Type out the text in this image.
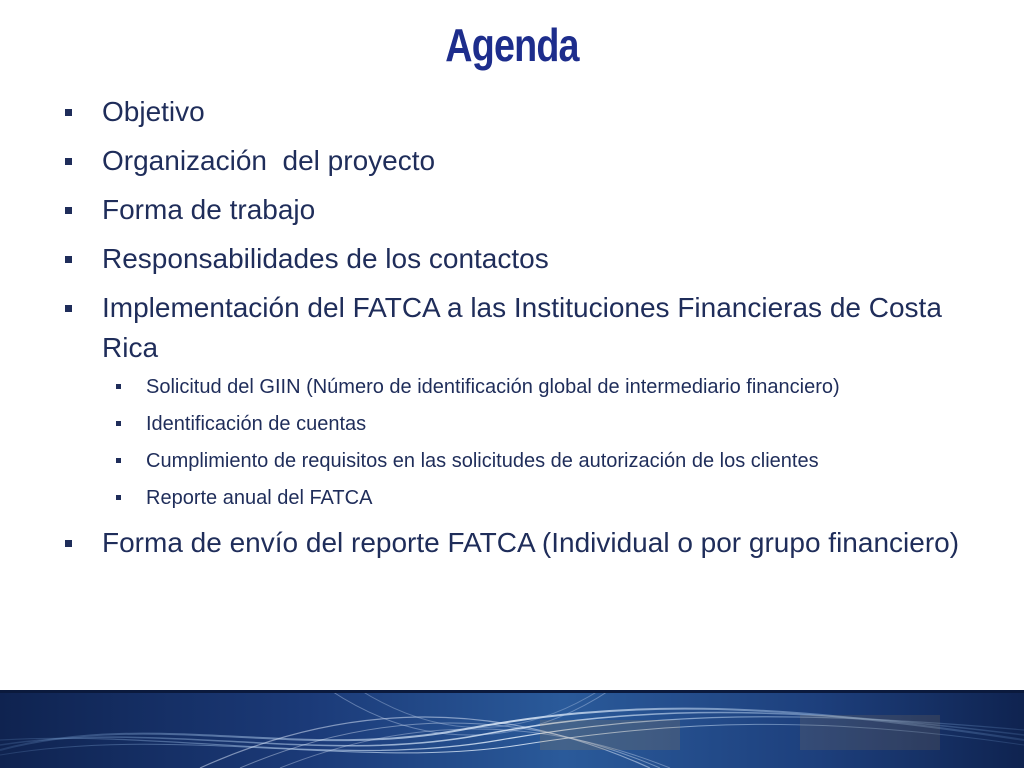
Agenda
Objetivo
Organización  del proyecto
Forma de trabajo
Responsabilidades de los contactos
Implementación del FATCA a las Instituciones Financieras de Costa Rica
Solicitud del GIIN (Número de identificación global de intermediario financiero)
Identificación de cuentas
Cumplimiento de requisitos en las solicitudes de autorización de los clientes
Reporte anual del FATCA
Forma de envío del reporte FATCA (Individual o por grupo financiero)
